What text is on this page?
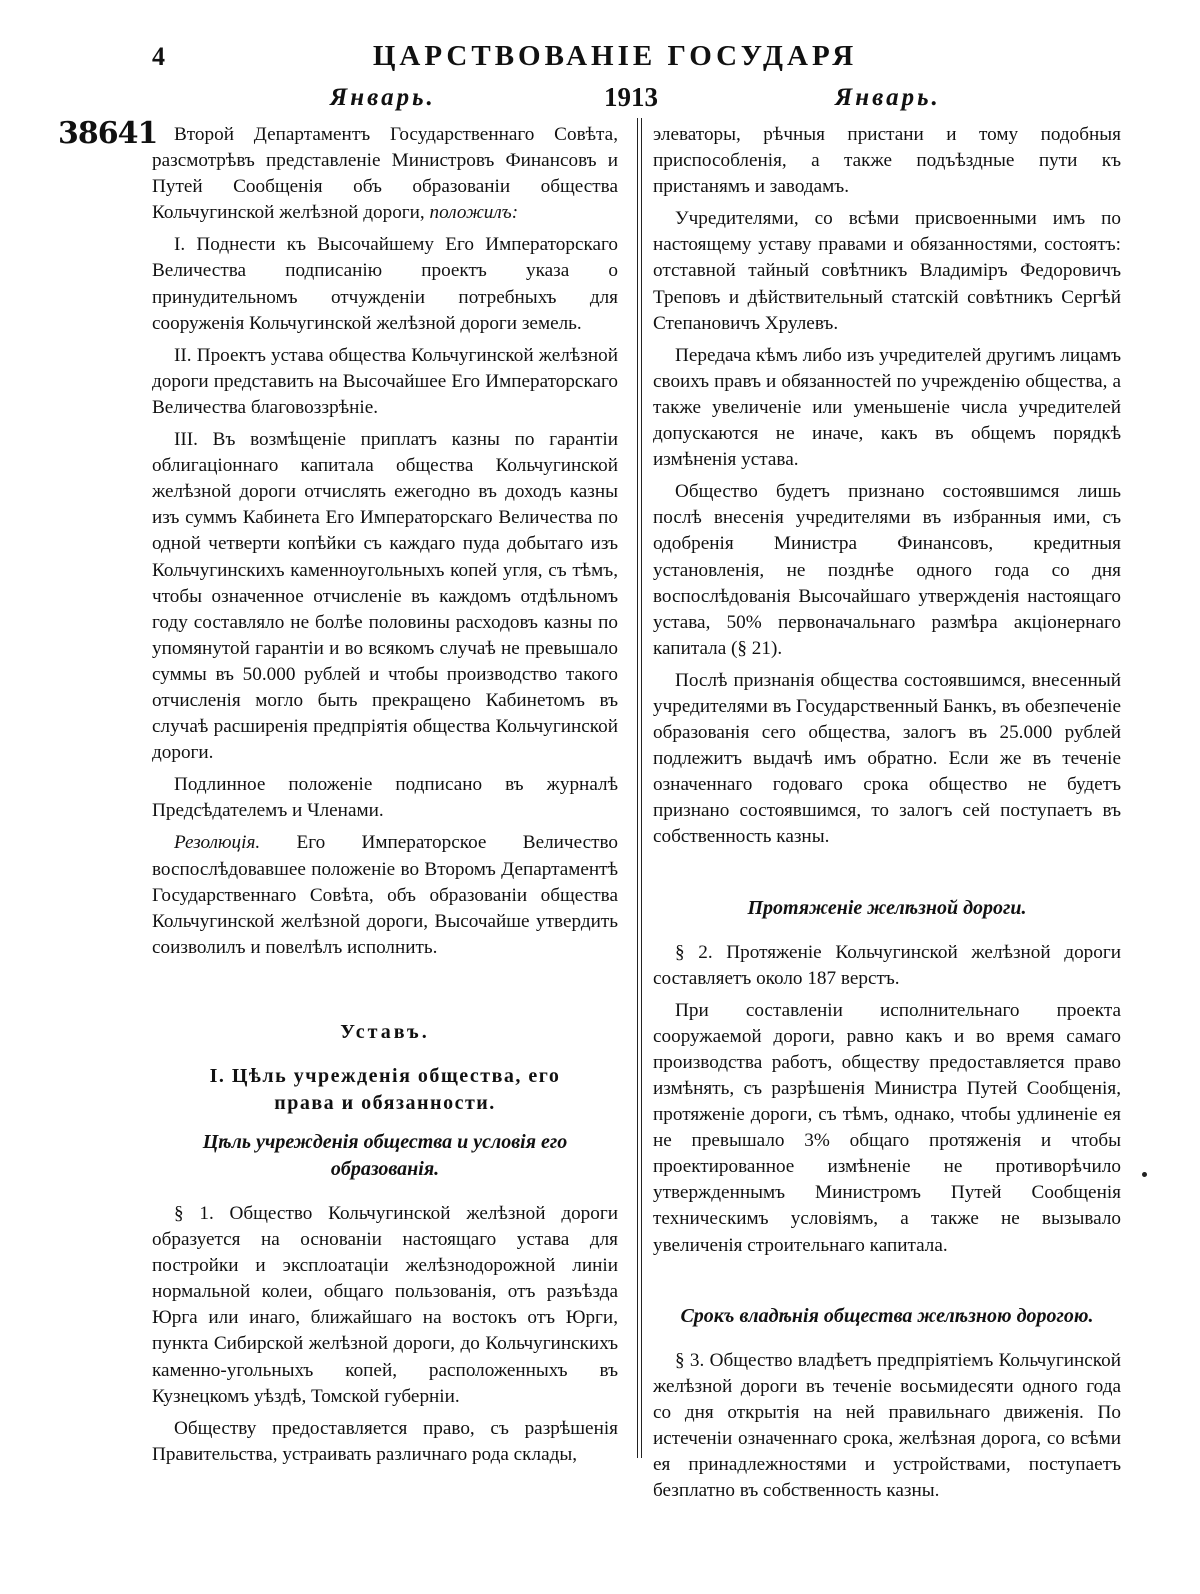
4	ЦАРСТВОВАНІЕ ГОСУДАРЯ
Январь.	1913	Январь.
38641 Второй Департаментъ Государственнаго Совѣта, разсмотрѣвъ представленіе Министровъ Финансовъ и Путей Сообщенія объ образованіи общества Кольчугинской желѣзной дороги, положилъ:

I. Поднести къ Высочайшему Его Императорскаго Величества подписанію проектъ указа о принудительномъ отчужденіи потребныхъ для сооруженія Кольчугинской желѣзной дороги земель.

II. Проектъ устава общества Кольчугинской желѣзной дороги представить на Высочайшее Его Императорскаго Величества благовоззрѣніе.

III. Въ возмѣщеніе приплатъ казны по гарантіи облигаціоннаго капитала общества Кольчугинской желѣзной дороги отчислять ежегодно въ доходъ казны изъ суммъ Кабинета Его Императорскаго Величества по одной четверти копѣйки съ каждаго пуда добытаго изъ Кольчугинскихъ каменноугольныхъ копей угля, съ тѣмъ, чтобы означенное отчисленіе въ каждомъ отдѣльномъ году составляло не болѣе половины расходовъ казны по упомянутой гарантіи и во всякомъ случаѣ не превышало суммы въ 50.000 рублей и чтобы производство такого отчисленія могло быть прекращено Кабинетомъ въ случаѣ расширенія предпріятія общества Кольчугинской дороги.

Подлинное положеніе подписано въ журналѣ Предсѣдателемъ и Членами.

Резолюція. Его Императорское Величество воспослѣдовавшее положеніе во Второмъ Департаментѣ Государственнаго Совѣта, объ образованіи общества Кольчугинской желѣзной дороги, Высочайше утвердить соизволилъ и повелѣлъ исполнить.

Уставъ.
I. Цѣль учрежденія общества, его права и обязанности.
Цѣль учрежденія общества и условія его образованія.

§ 1. Общество Кольчугинской желѣзной дороги образуется на основаніи настоящаго устава для постройки и эксплоатаціи желѣзнодорожной линіи нормальной колеи, общаго пользованія, отъ разъѣзда Юрга или инаго, ближайшаго на востокъ отъ Юрги, пункта Сибирской желѣзной дороги, до Кольчугинскихъ каменно-угольныхъ копей, расположенныхъ въ Кузнецкомъ уѣздѣ, Томской губерніи.

Обществу предоставляется право, съ разрѣшенія Правительства, устраивать различнаго рода склады,

элеваторы, рѣчныя пристани и тому подобныя приспособленія, а также подъѣздные пути къ пристанямъ и заводамъ.

Учредителями, со всѣми присвоенными имъ по настоящему уставу правами и обязанностями, состоятъ: отставной тайный совѣтникъ Владиміръ Федоровичъ Треповъ и дѣйствительный статскій совѣтникъ Сергѣй Степановичъ Хрулевъ.

Передача кѣмъ либо изъ учредителей другимъ лицамъ своихъ правъ и обязанностей по учрежденію общества, а также увеличеніе или уменьшеніе числа учредителей допускаются не иначе, какъ въ общемъ порядкѣ измѣненія устава.

Общество будетъ признано состоявшимся лишь послѣ внесенія учредителями въ избранныя ими, съ одобренія Министра Финансовъ, кредитныя установленія, не позднѣе одного года со дня воспослѣдованія Высочайшаго утвержденія настоящаго устава, 50% первоначальнаго размѣра акціонернаго капитала (§ 21).

Послѣ признанія общества состоявшимся, внесенный учредителями въ Государственный Банкъ, въ обезпеченіе образованія сего общества, залогъ въ 25.000 рублей подлежитъ выдачѣ имъ обратно. Если же въ теченіе означеннаго годоваго срока общество не будетъ признано состоявшимся, то залогъ сей поступаетъ въ собственность казны.

Протяженіе желѣзной дороги.

§ 2. Протяженіе Кольчугинской желѣзной дороги составляетъ около 187 верстъ.

При составленіи исполнительнаго проекта сооружаемой дороги, равно какъ и во время самаго производства работъ, обществу предоставляется право измѣнять, съ разрѣшенія Министра Путей Сообщенія, протяженіе дороги, съ тѣмъ, однако, чтобы удлиненіе ея не превышало 3% общаго протяженія и чтобы проектированное измѣненіе не противорѣчило утвержденнымъ Министромъ Путей Сообщенія техническимъ условіямъ, а также не вызывало увеличенія строительнаго капитала.

Срокъ владѣнія общества желѣзною дорогою.

§ 3. Общество владѣетъ предпріятіемъ Кольчугинской желѣзной дороги въ теченіе восьмидесяти одного года со дня открытія на ней правильнаго движенія. По истеченіи означеннаго срока, желѣзная дорога, со всѣми ея принадлежностями и устройствами, поступаетъ безплатно въ собственность казны.
